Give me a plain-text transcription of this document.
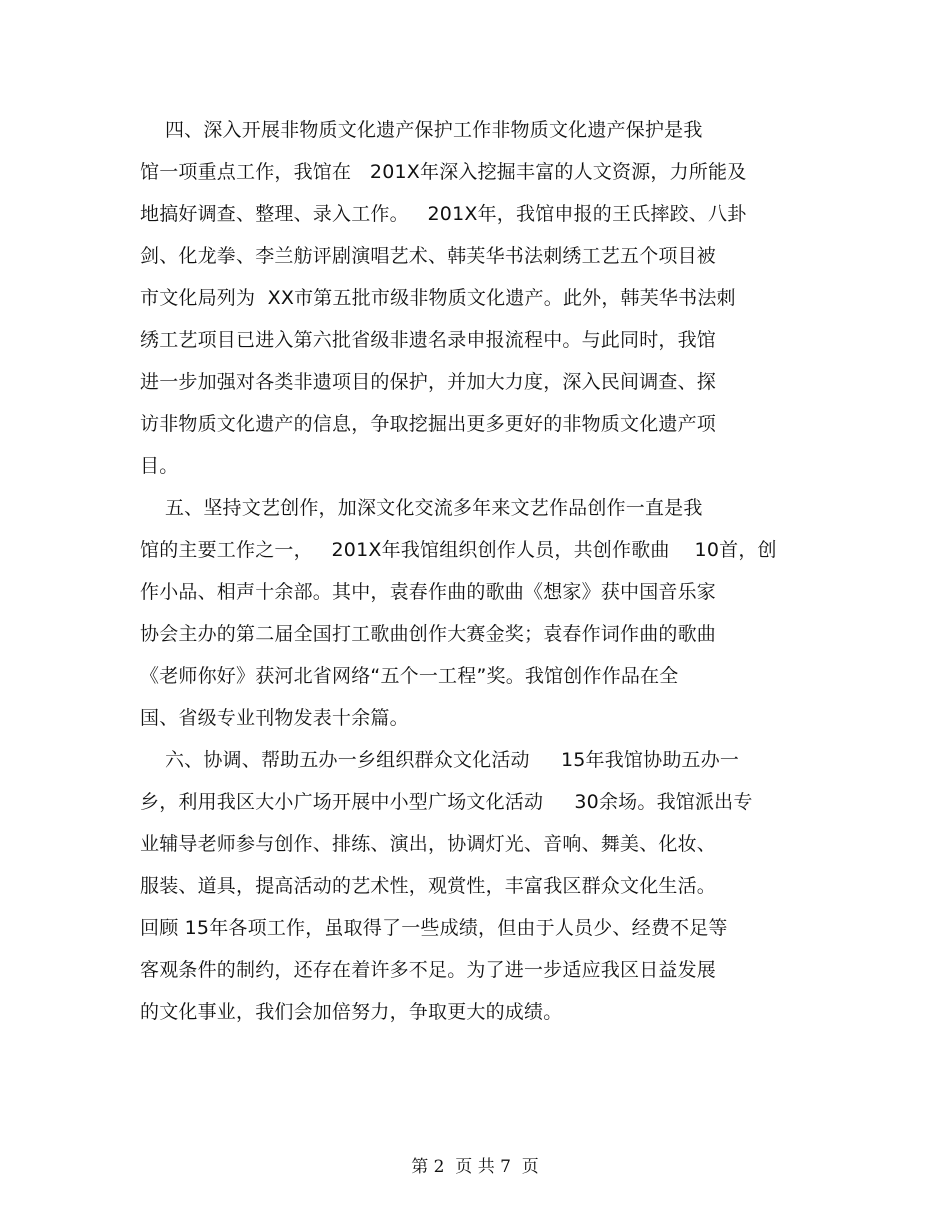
四、深入开展非物质文化遗产保护工作非物质文化遗产保护是我
馆一项重点工作，我馆在   201X年深入挖掘丰富的人文资源，力所能及
地搞好调查、整理、录入工作。   201X年，我馆申报的王氏摔跤、八卦
剑、化龙拳、李兰舫评剧演唱艺术、韩芙华书法刺绣工艺五个项目被
市文化局列为  XX市第五批市级非物质文化遗产。此外，韩芙华书法刺
绣工艺项目已进入第六批省级非遗名录申报流程中。与此同时，我馆
进一步加强对各类非遗项目的保护，并加大力度，深入民间调查、探
访非物质文化遗产的信息，争取挖掘出更多更好的非物质文化遗产项
目。
五、坚持文艺创作，加深文化交流多年来文艺作品创作一直是我
馆的主要工作之一，   201X年我馆组织创作人员，共创作歌曲    10首，创
作小品、相声十余部。其中，袁春作曲的歌曲《想家》获中国音乐家
协会主办的第二届全国打工歌曲创作大赛金奖；袁春作词作曲的歌曲
《老师你好》获河北省网络“五个一工程”奖。我馆创作作品在全
国、省级专业刊物发表十余篇。
六、协调、帮助五办一乡组织群众文化活动     15年我馆协助五办一
乡，利用我区大小广场开展中小型广场文化活动     30余场。我馆派出专
业辅导老师参与创作、排练、演出，协调灯光、音响、舞美、化妆、
服装、道具，提高活动的艺术性，观赏性，丰富我区群众文化生活。
回顾 15年各项工作，虽取得了一些成绩，但由于人员少、经费不足等
客观条件的制约，还存在着许多不足。为了进一步适应我区日益发展
的文化事业，我们会加倍努力，争取更大的成绩。
第 2  页 共 7  页
